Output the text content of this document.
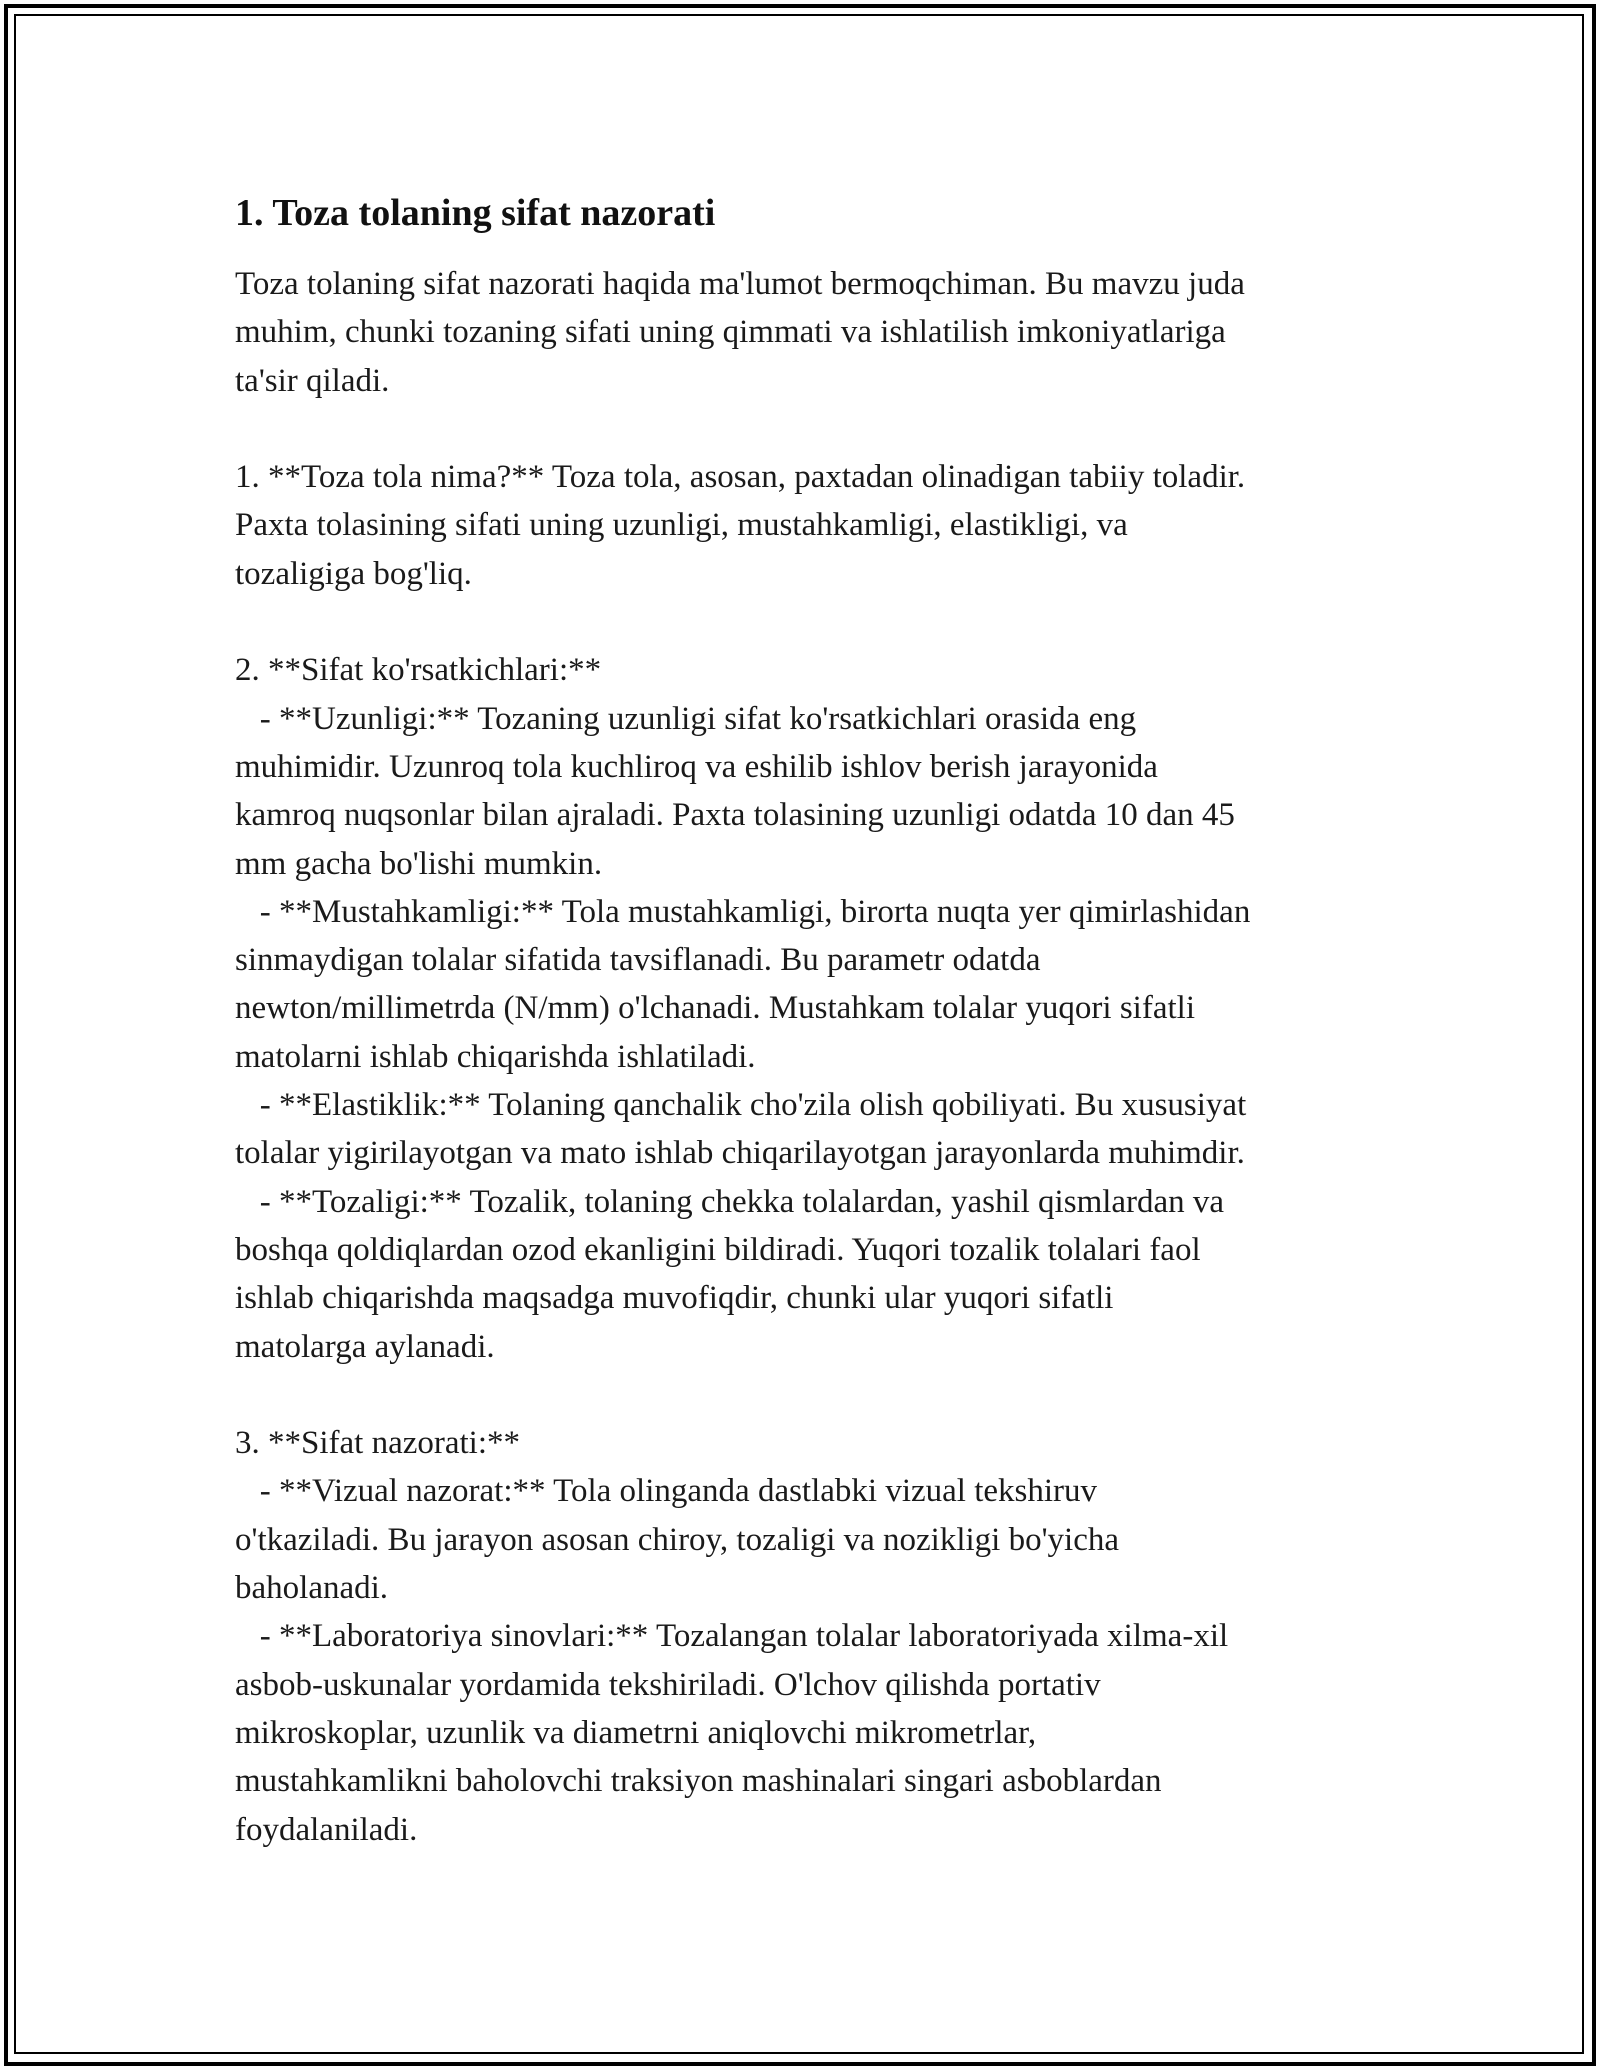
1. Toza tolaning sifat nazorati

Toza tolaning sifat nazorati haqida ma'lumot bermoqchiman. Bu mavzu juda
muhim, chunki tozaning sifati uning qimmati va ishlatilish imkoniyatlariga
ta'sir qiladi.

1. **Toza tola nima?** Toza tola, asosan, paxtadan olinadigan tabiiy toladir.
Paxta tolasining sifati uning uzunligi, mustahkamligi, elastikligi, va
tozaligiga bog'liq.

2. **Sifat ko'rsatkichlari:**
- **Uzunligi:** Tozaning uzunligi sifat ko'rsatkichlari orasida eng
muhimidir. Uzunroq tola kuchliroq va eshilib ishlov berish jarayonida
kamroq nuqsonlar bilan ajraladi. Paxta tolasining uzunligi odatda 10 dan 45
mm gacha bo'lishi mumkin.
- **Mustahkamligi:** Tola mustahkamligi, birorta nuqta yer qimirlashidan
sinmaydigan tolalar sifatida tavsiflanadi. Bu parametr odatda
newton/millimetrda (N/mm) o'lchanadi. Mustahkam tolalar yuqori sifatli
matolarni ishlab chiqarishda ishlatiladi.
- **Elastiklik:** Tolaning qanchalik cho'zila olish qobiliyati. Bu xususiyat
tolalar yigirilayotgan va mato ishlab chiqarilayotgan jarayonlarda muhimdir.
- **Tozaligi:** Tozalik, tolaning chekka tolalardan, yashil qismlardan va
boshqa qoldiqlardan ozod ekanligini bildiradi. Yuqori tozalik tolalari faol
ishlab chiqarishda maqsadga muvofiqdir, chunki ular yuqori sifatli
matolarga aylanadi.

3. **Sifat nazorati:**
- **Vizual nazorat:** Tola olinganda dastlabki vizual tekshiruv
o'tkaziladi. Bu jarayon asosan chiroy, tozaligi va nozikligi bo'yicha
baholanadi.
- **Laboratoriya sinovlari:** Tozalangan tolalar laboratoriyada xilma-xil
asbob-uskunalar yordamida tekshiriladi. O'lchov qilishda portativ
mikroskoplar, uzunlik va diametrni aniqlovchi mikrometrlar,
mustahkamlikni baholovchi traksiyon mashinalari singari asboblardan
foydalaniladi.
